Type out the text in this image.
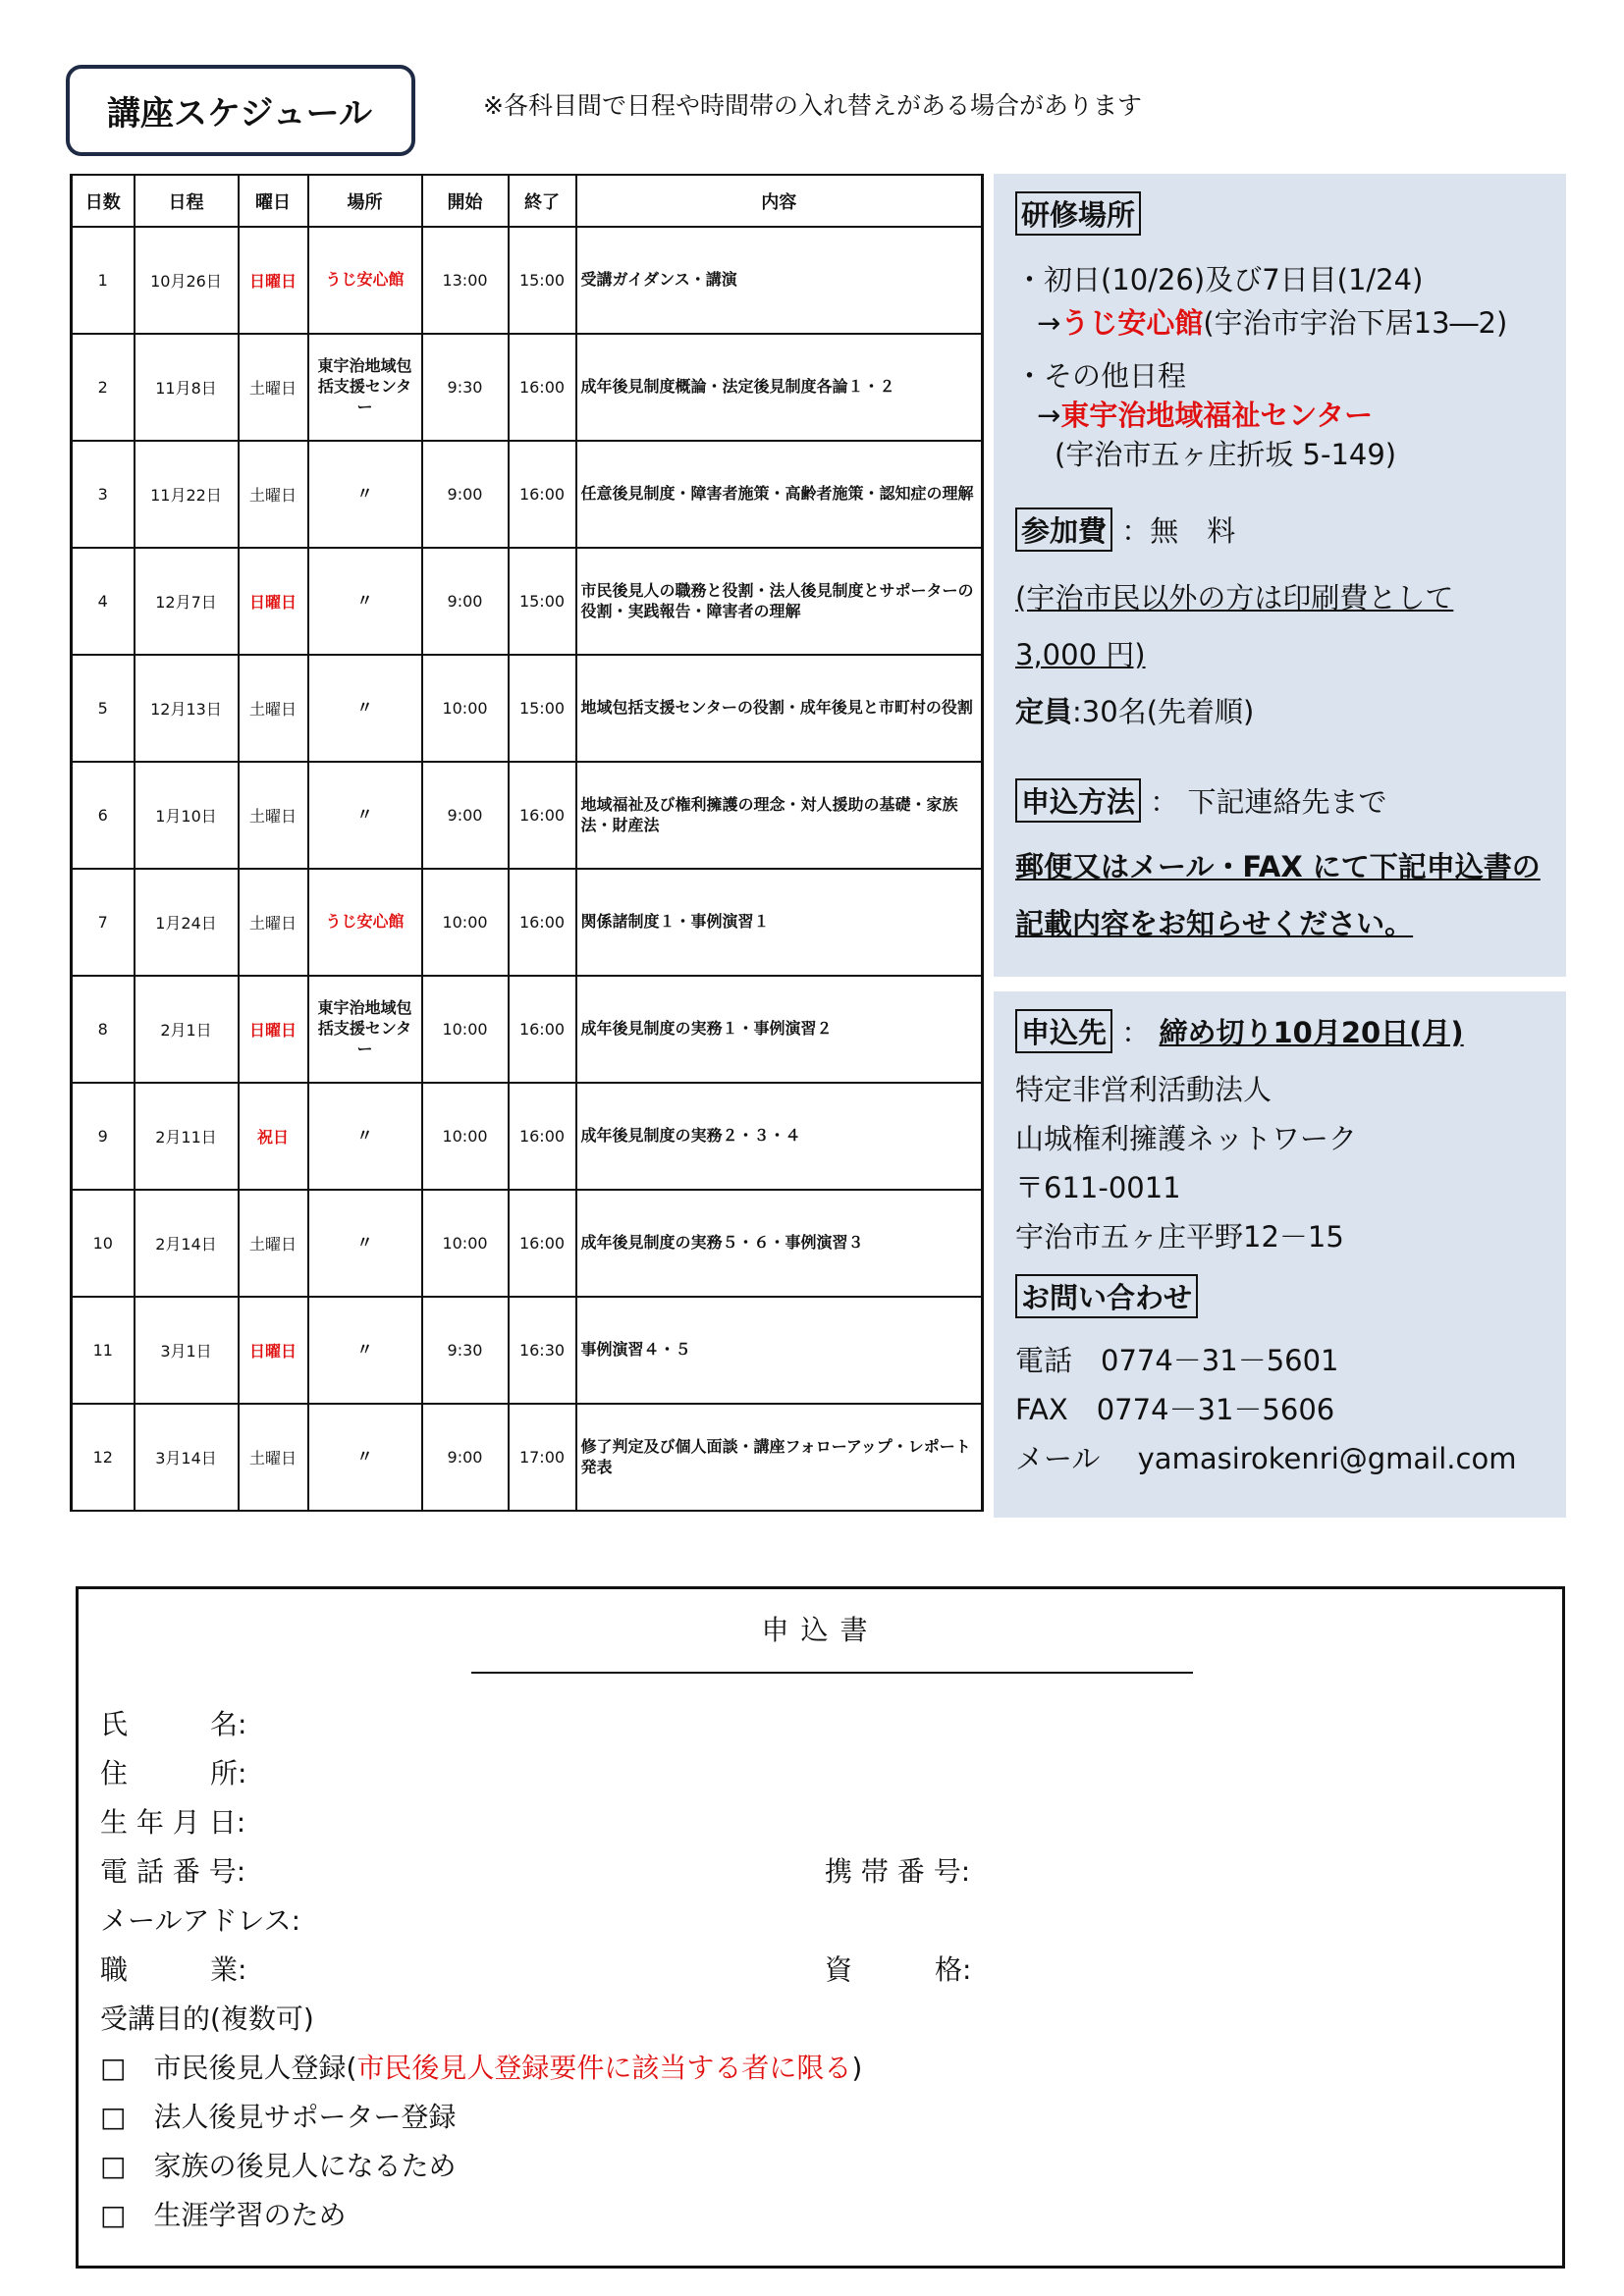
講座スケジュール	※各科目間で日程や時間帯の入れ替えがある場合があります
日数	日程	曜日	場所	開始	終了	内容
1	10月26日	日曜日	うじ安心館	13:00	15:00	受講ガイダンス・講演
2	11月8日	土曜日	東宇治地域包括支援センター	9:30	16:00	成年後見制度概論・法定後見制度各論１・２
3	11月22日	土曜日	〃	9:00	16:00	任意後見制度・障害者施策・高齢者施策・認知症の理解
4	12月7日	日曜日	〃	9:00	15:00	市民後見人の職務と役割・法人後見制度とサポーターの役割・実践報告・障害者の理解
5	12月13日	土曜日	〃	10:00	15:00	地域包括支援センターの役割・成年後見と市町村の役割
6	1月10日	土曜日	〃	9:00	16:00	地域福祉及び権利擁護の理念・対人援助の基礎・家族法・財産法
7	1月24日	土曜日	うじ安心館	10:00	16:00	関係諸制度１・事例演習１
8	2月1日	日曜日	東宇治地域包括支援センター	10:00	16:00	成年後見制度の実務１・事例演習２
9	2月11日	祝日	〃	10:00	16:00	成年後見制度の実務２・３・４
10	2月14日	土曜日	〃	10:00	16:00	成年後見制度の実務５・６・事例演習３
11	3月1日	日曜日	〃	9:30	16:30	事例演習４・５
12	3月14日	土曜日	〃	9:00	17:00	修了判定及び個人面談・講座フォローアップ・レポート発表
研修場所
・初日(10/26)及び7日目(1/24)
→うじ安心館(宇治市宇治下居13―2)
・その他日程
→東宇治地域福祉センター
(宇治市五ヶ庄折坂 5-149)
参加費 ：無　料
(宇治市民以外の方は印刷費として
3,000 円)
定員:30名(先着順)
申込方法 ： 下記連絡先まで
郵便又はメール・FAX にて下記申込書の
記載内容をお知らせください。
申込先 ： 締め切り10月20日(月)
特定非営利活動法人
山城権利擁護ネットワーク
〒611-0011
宇治市五ヶ庄平野12－15
お問い合わせ
電話　0774－31－5601
FAX　0774－31－5606
メール　 yamasirokenri@gmail.com
申込書
氏　　　名:
住　　　所:
生 年 月 日:
電 話 番 号:	携 帯 番 号:
メールアドレス:
職　　　業:	資　　　格:
受講目的(複数可)
□　市民後見人登録(市民後見人登録要件に該当する者に限る)
□　法人後見サポーター登録
□　家族の後見人になるため
□　生涯学習のため
